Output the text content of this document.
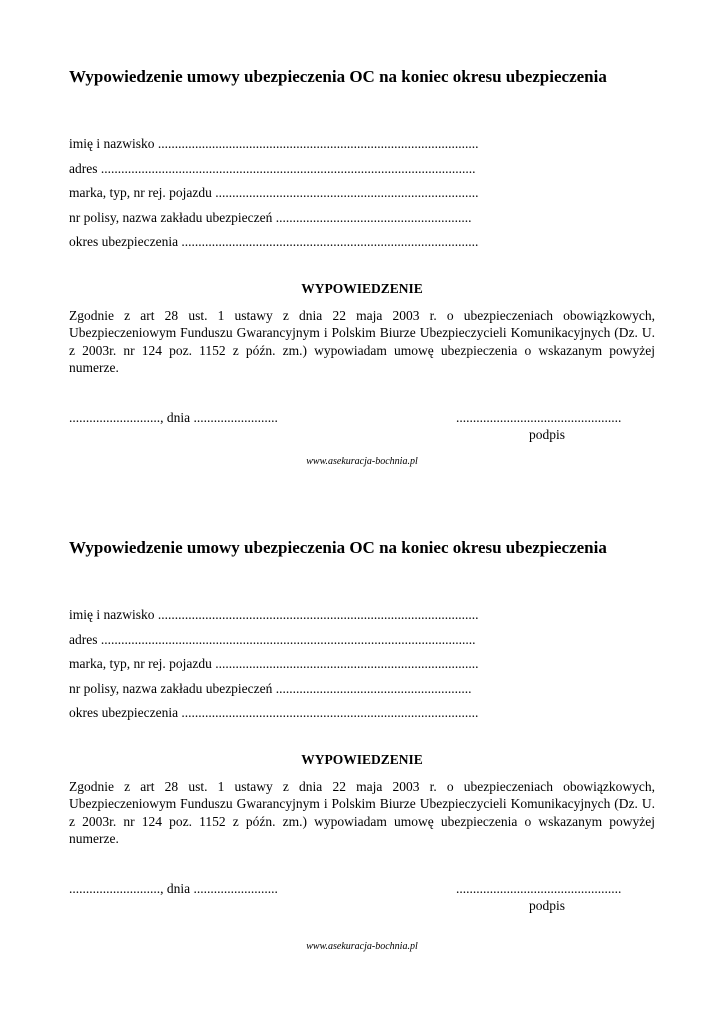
Wypowiedzenie umowy ubezpieczenia OC na koniec okresu ubezpieczenia
imię i nazwisko ...............................................................................................
adres ...............................................................................................................
marka, typ, nr rej. pojazdu ..............................................................................
nr polisy, nazwa zakładu ubezpieczeń ..........................................................
okres ubezpieczenia ........................................................................................
WYPOWIEDZENIE
Zgodnie z art 28 ust. 1 ustawy z dnia 22 maja 2003 r. o ubezpieczeniach obowiązkowych, Ubezpieczeniowym Funduszu Gwarancyjnym i Polskim Biurze Ubezpieczycieli Komunikacyjnych (Dz. U. z 2003r. nr 124 poz. 1152 z późn. zm.) wypowiadam umowę ubezpieczenia o wskazanym powyżej numerze.
..........................., dnia .........................	.................................................
podpis
www.asekuracja-bochnia.pl
Wypowiedzenie umowy ubezpieczenia OC na koniec okresu ubezpieczenia
imię i nazwisko ...............................................................................................
adres ...............................................................................................................
marka, typ, nr rej. pojazdu ..............................................................................
nr polisy, nazwa zakładu ubezpieczeń ..........................................................
okres ubezpieczenia ........................................................................................
WYPOWIEDZENIE
Zgodnie z art 28 ust. 1 ustawy z dnia 22 maja 2003 r. o ubezpieczeniach obowiązkowych, Ubezpieczeniowym Funduszu Gwarancyjnym i Polskim Biurze Ubezpieczycieli Komunikacyjnych (Dz. U. z 2003r. nr 124 poz. 1152 z późn. zm.) wypowiadam umowę ubezpieczenia o wskazanym powyżej numerze.
..........................., dnia .........................	.................................................
podpis
www.asekuracja-bochnia.pl
